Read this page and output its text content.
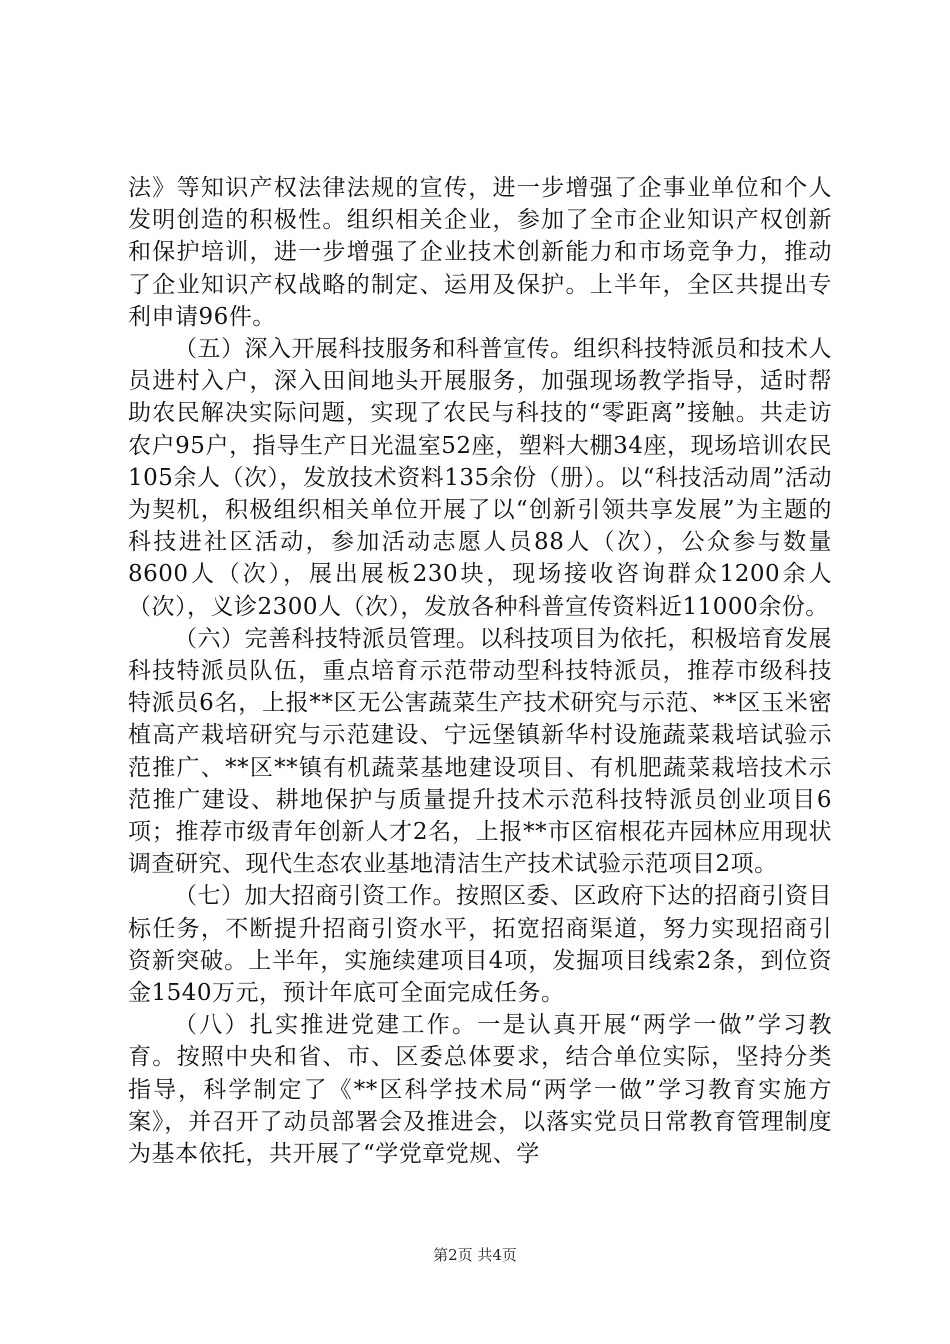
法》等知识产权法律法规的宣传，进一步增强了企事业单位和个人发明创造的积极性。组织相关企业，参加了全市企业知识产权创新和保护培训，进一步增强了企业技术创新能力和市场竞争力，推动了企业知识产权战略的制定、运用及保护。上半年，全区共提出专利申请96件。

（五）深入开展科技服务和科普宣传。组织科技特派员和技术人员进村入户，深入田间地头开展服务，加强现场教学指导，适时帮助农民解决实际问题，实现了农民与科技的“零距离”接触。共走访农户95户，指导生产日光温室52座，塑料大棚34座，现场培训农民105余人（次），发放技术资料135余份（册）。以“科技活动周”活动为契机，积极组织相关单位开展了以“创新引领共享发展”为主题的科技进社区活动，参加活动志愿人员88人（次），公众参与数量8600人（次），展出展板230块，现场接收咨询群众1200余人（次），义诊2300人（次），发放各种科普宣传资料近11000余份。

（六）完善科技特派员管理。以科技项目为依托，积极培育发展科技特派员队伍，重点培育示范带动型科技特派员，推荐市级科技特派员6名，上报**区无公害蔬菜生产技术研究与示范、**区玉米密植高产栽培研究与示范建设、宁远堡镇新华村设施蔬菜栽培试验示范推广、**区**镇有机蔬菜基地建设项目、有机肥蔬菜栽培技术示范推广建设、耕地保护与质量提升技术示范科技特派员创业项目6项；推荐市级青年创新人才2名，上报**市区宿根花卉园林应用现状调查研究、现代生态农业基地清洁生产技术试验示范项目2项。

（七）加大招商引资工作。按照区委、区政府下达的招商引资目标任务，不断提升招商引资水平，拓宽招商渠道，努力实现招商引资新突破。上半年，实施续建项目4项，发掘项目线索2条，到位资金1540万元，预计年底可全面完成任务。

（八）扎实推进党建工作。一是认真开展“两学一做”学习教育。按照中央和省、市、区委总体要求，结合单位实际，坚持分类指导，科学制定了《**区科学技术局“两学一做”学习教育实施方案》，并召开了动员部署会及推进会，以落实党员日常教育管理制度为基本依托，共开展了“学党章党规、学

第2页 共4页
